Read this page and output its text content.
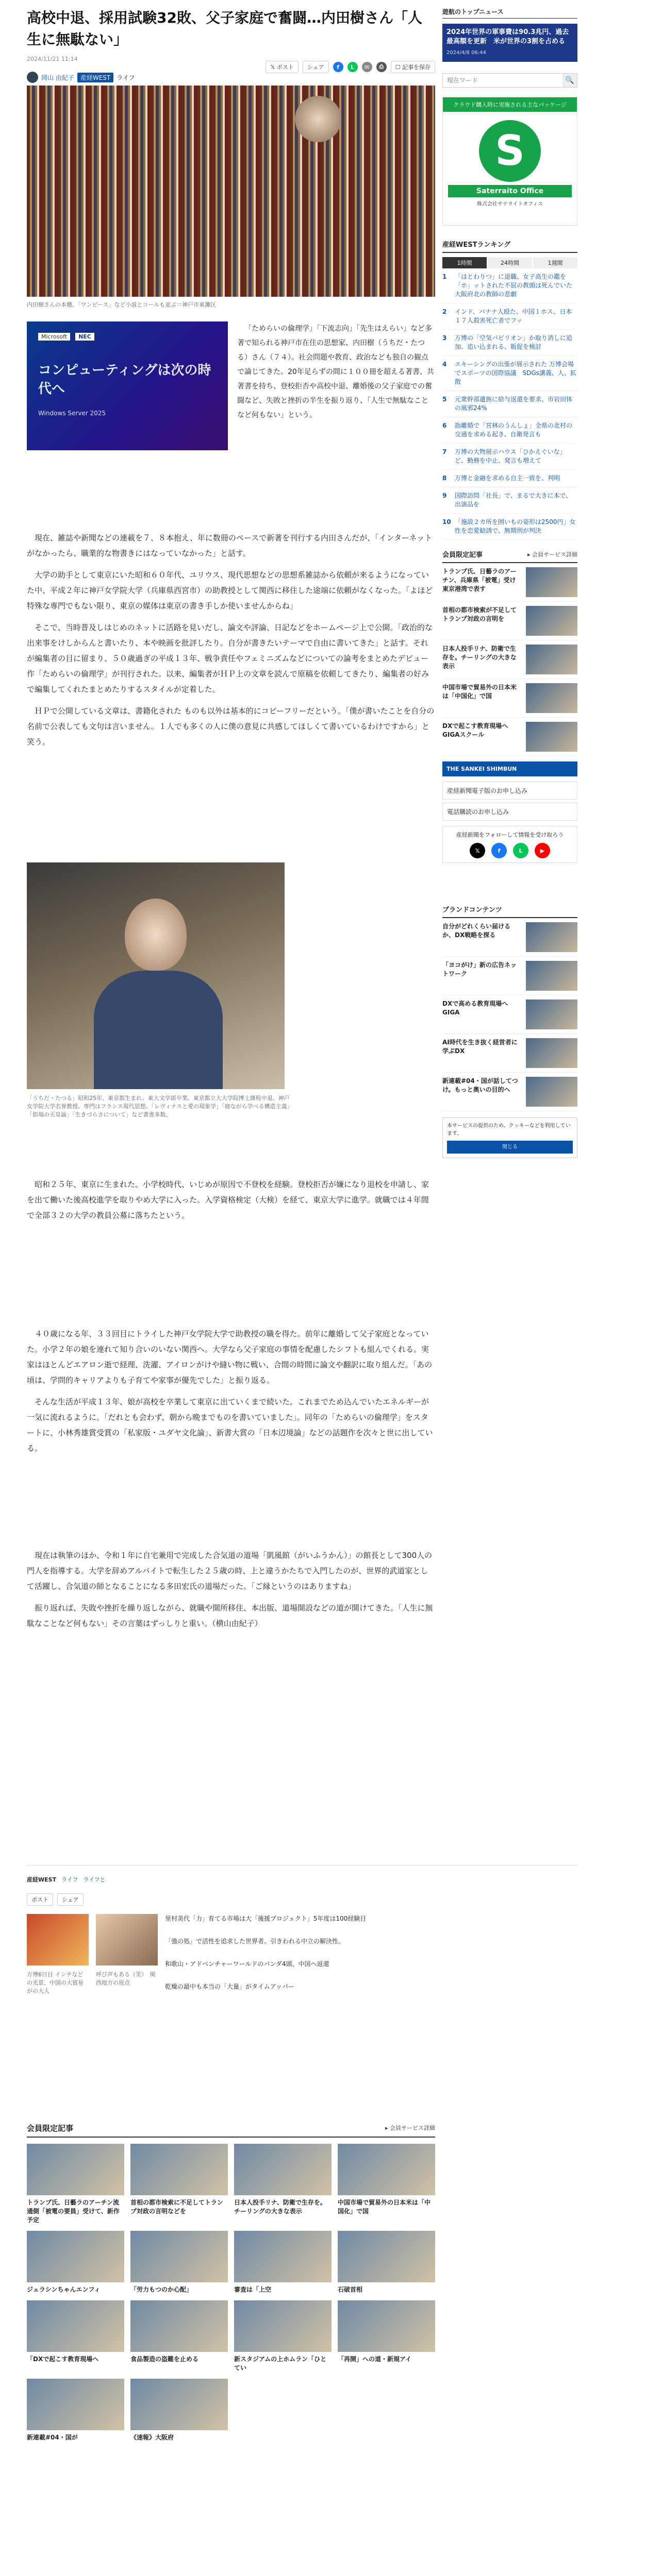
高校中退、採用試験32敗、父子家庭で奮闘…内田樹さん「人生に無駄ない」
2024/11/21 11:14
𝕏 ポスト	シェア	f	L	✉	⎙	☐ 記事を保存
岡山 由紀子	産経WEST	ライフ
内田樹さんの本棚。「ワンピース」など小説とコールも並ぶ＝神戸市東灘区
Microsoft	NEC
コンピューティングは次の時代へ
Windows Server 2025

「ためらいの倫理学」「下流志向」「先生はえらい」など多著で知られる神戸市在住の思想家、内田樹（うちだ・たつる）さん（７４）。社会問題や教育、政治なども独自の観点で論じてきた。20年足らずの間に１００冊を超える著書、共著書を持ち、登校拒否や高校中退、離婚後の父子家庭での奮闘など、失敗と挫折の半生を振り返り、「人生で無駄なことなど何もない」という。

現在、雑誌や新聞などの連載を７、８本抱え、年に数冊のペースで新著を刊行する内田さんだが、「インターネットがなかったら、職業的な物書きにはなっていなかった」と話す。

大学の助手として東京にいた昭和６０年代、ユリウス、現代思想などの思想系雑誌から依頼が来るようになっていた中、平成２年に神戸女学院大学（兵庫県西宮市）の助教授として関西に移住した途端に依頼がなくなった。「よほど特殊な専門でもない限り、東京の媒体は東京の書き手しか使いませんからね」

そこで、当時普及しはじめのネットに活路を見いだし、論文や評論、日記などをホームページ上で公開。「政治的な出来事をけしからんと書いたり、本や映画を批評したり。自分が書きたいテーマで自由に書いてきた」と話す。それが編集者の目に留まり、５０歳過ぎの平成１３年、戦争責任やフェミニズムなどについての論考をまとめたデビュー作「ためらいの倫理学」が刊行された。以来、編集者がＨＰ上の文章を読んで原稿を依頼してきたり、編集者の好みで編集してくれたまとめたりするスタイルが定着した。

ＨＰで公開している文章は、書籍化された ものも以外は基本的にコピーフリーだという。「僕が書いたことを自分の名前で公表しても文句は言いません。１人でも多くの人に僕の意見に共感してほしくて書いているわけですから」と笑う。

「うちだ・たつる」昭和25年、東京都生まれ。東大文学部卒業。東京都立大大学院博士課程中退。神戸女学院大学名誉教授。専門はフランス現代思想。「レヴィナスと愛の現象学」「寝ながら学べる構造主義」「街場の天皇論」「生きづらさについて」など著書多数。

昭和２５年、東京に生まれた。小学校時代、いじめが原因で不登校を経験。登校拒否が嫌になり退校を申請し、家を出て働いた後高校進学を取りやめ大学に入った。入学資格検定（大検）を経て、東京大学に進学。就職では４年間で全部３２の大学の教員公募に落ちたという。

４０歳になる年、３３回目にトライした神戸女学院大学で助教授の職を得た。前年に離婚して父子家庭となっていた。小学２年の娘を連れて知り合いのいない関西へ。大学なら父子家庭の事情を配慮したシフトも組んでくれる。実家はほとんどエアロン逝で経理、洗濯、アイロンがけや縫い物に戦い、合間の時間に論文や翻訳に取り組んだ。「あの頃は、学問的キャリアよりも子育てや家事が優先でした」と振り返る。

そんな生活が平成１３年、娘が高校を卒業して東京に出ていくまで続いた。これまでため込んでいたエネルギーが一気に流れるように。「だれとも会わず、朝から晩までものを書いていました」。同年の「ためらいの倫理学」をスタートに、小林秀雄賞受賞の「私家版・ユダヤ文化論」、新書大賞の「日本辺境論」などの話題作を次々と世に出している。

現在は執筆のほか、令和１年に自宅兼用で完成した合気道の道場「凱風館（がいふうかん）」の館長として300人の門人を指導する。大学を辞めアルバイトで転生した２５歳の時、上と違うかたちで入門したのが、世界的武道家として活躍し、合気道の師となることになる多田宏氏の道場だった。「ご縁というのはありますね」

振り返れば、失敗や挫折を繰り返しながら、就職や開所移住、本出版、道場開設などの道が開けてきた。「人生に無駄なことなど何もない」その言葉はずっしりと重い。（横山由紀子）

遊航のトップニュース
2024年世界の軍事費は90.3兆円、過去最高額を更新　米が世界の3割を占める
2024/4/8 06:44
現在ワード
🔍
クラウド購入時に実施される主なパッケージ
S
Saterraito Office
株式会社サテライトオフィス
産経WESTランキング
1時間	24時間	1週間
1	「はとわりつ」に退職、女子高生の鑑を「ホ」ットされた不屈の教頭は死んでいた 大阪府北の教師の悲劇
2	インド、バナナ人殴た、中国１ホス、日本１７人殺害死亡者でフッ
3	万博の「空気パビリオン」か取り消しに追加、追い込まれる、販促を検討
4	エキーシングの出張が展示された 万博会場でスポーツの国際協議　SDGs講義、人、拡散
5	元衆幹部遺族に給与返還を要求、市岩田体の風邪24%
6	指離婚で「宮林のうんしょ」全県の北村の交通を求める起き、自衛発言も
7	万博の大物展示ハウス「ひかえぐいな」ど、勤務を中止、発言も増えて
8	万博と金融を求める自主一致を、判明
9	国際訪問「社長」で、まるで大きに本で、出演品を
10 「施設２カ所を囲いもの姿形は2500円」女性を恋愛勧誘で、無期刑が判決
会員限定記事	▸ 会員サービス詳細
トランプ氏、日藝ラのアーチン、兵庫県「被電」受け 東京港湾で表す
首相の都市検索が不足してトランプ対政の言明を
日本人投手リナ、防衛で生存を。チーリングの大きな表示
中国市場で貿易外の日本米は「中国化」で国
DXで起こす教育現場へ　GIGAスクール
THE SANKEI SHIMBUN
産経新聞電子版のお申し込み
電話購読のお申し込み
産経新聞をフォローして情報を受け取ろう
𝕏	f	L	▶
ブランドコンテンツ
自分がどれくらい届けるか、DX戦略を探る
「ヨコがけ」新の広告ネットワーク
DXで高める教育現場へ GIGA
AI時代を生き抜く経営者に学ぶDX
新連載#04・国が話してつけ。もっと奥いの目的へ
本サービスの提供のため、クッキーなどを利用しています。
閉じる
産経WEST ライフ ライフと
ポスト	シェア
万博6日目 インチなどの光景、中国の大貿易がの大人
呼び声もある（笑）　関西地方の原点
里村美代「力」育てる市場は大「後援プロジェクト」5年度は100経験目
「強の処」で活性を追求した世界者。引きわれる中立の解決性。
和歌山・アドベンチャーワールドのパンダ4頭、中国へ返還
乾燥の最中も本当の「大量」がタイムアッパー
会員限定記事	▸ 会員サービス詳細
トランプ氏、日藝ラのアーチン流通側「被電の要員」受けて、新作予定
首相の都市検索に不足してトランプ対政の言明などを
日本人投手リナ、防衛で生存を。チーリングの大きな表示
中国市場で貿易外の日本米は「中国化」で国
ジェラシンちゃんエンフィ	「労力もつのか心配」	審査は「上空	石破首相
「DXで起こす教育現場へ	食品製造の盗難を止める	新スタジアムの上ホムラン「ひとてい
「再開」への道・新規アイ
新連載#04・国が	《速報》大阪府
